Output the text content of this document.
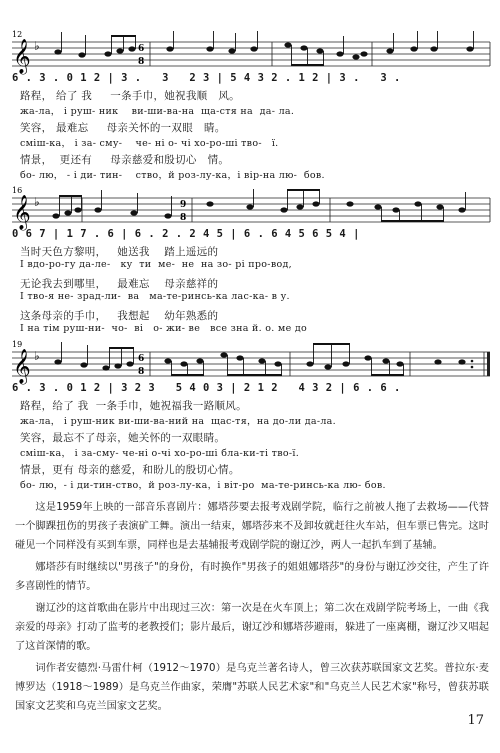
12
𝄞 ♭	6
8
6 . 3 . 0 1 2 | 3 .   3   2 3 | 5 4 3 2 . 1 2 | 3 .   3 .
路程， 给了 我     一条手巾，她祝我顺   风。
жа-ла， і руш- ник    ви-ши-ва-на  ща-стя на  да- ла.
笑容， 最难忘     母亲关怀的一双眼   睛。
сміш-ка， і за- сму-    че- ні о- чі хо-ро-ші тво-   ї.
情景，  更还有     母亲慈爱和殷切心   情。
бо- лю， - і ди- тин-    ство，й роз-лу-ка，і вір-на лю-  бов.
16
𝄞 ♭	9
8
0 6 7 | 1 7 . 6 | 6 . 2 . 2 4 5 | 6 . 6 4 5 6 5 4 |
当时天色方黎明，   她送我    踏上遥远的
І вдо-ро-гу да-ле-   ку  ти  ме-  не  на зо- рі про-вод,
无论我去到哪里，   最难忘    母亲慈祥的
І тво-я не- зрад-ли-  ва   ма-те-ринсь-ка лас-ка- в у.
这条母亲的手巾，   我想起    幼年熟悉的
І на тім руш-ни-  чо-  ві   о- жи- ве   все зна й. о. ме до
19
𝄞 ♭	6
8
6 . 3 . 0 1 2 | 3 2 3   5 4 0 3 | 2 1 2   4 3 2 | 6 . 6 .
路程，给了 我  一条手巾，她祝福我一路顺风。
жа-ла， і руш-ник ви-ши-ва-ний на  щас-тя，на до-ли да-ла.
笑容，最忘不了母亲，她关怀的一双眼睛。
сміш-ка， і за-сму- че-ні о-чі хо-ро-ші бла-ки-ті тво-ї.
情景，更有 母亲的慈爱，和盼儿的殷切心情。
бо- лю，- і ди-тин-ство，й роз-лу-ка，і віт-ро  ма-те-ринсь-ка лю- бов.

这是1959年上映的一部音乐喜剧片：娜塔莎要去报考戏剧学院，临行之前被人拖了去救场——代替一个脚踝扭伤的男孩子表演矿工舞。演出一结束，娜塔莎来不及卸妆就赶往火车站，但车票已售完。这时碰见一个同样没有买到车票，同样也是去基辅报考戏剧学院的谢辽沙，两人一起扒车到了基辅。

娜塔莎有时继续以"男孩子"的身份，有时换作"男孩子的姐姐娜塔莎"的身份与谢辽沙交往，产生了许多喜剧性的情节。

谢辽沙的这首歌曲在影片中出现过三次：第一次是在火车顶上；第二次在戏剧学院考场上，一曲《我亲爱的母亲》打动了监考的老教授们；影片最后，谢辽沙和娜塔莎避雨，躲进了一座离棚，谢辽沙又唱起了这首深情的歌。

词作者安德烈·马雷什柯（1912～1970）是乌克兰著名诗人，曾三次获苏联国家文艺奖。普拉东·麦博罗达（1918～1989）是乌克兰作曲家，荣膺"苏联人民艺术家"和"乌克兰人民艺术家"称号，曾获苏联国家文艺奖和乌克兰国家文艺奖。

17
